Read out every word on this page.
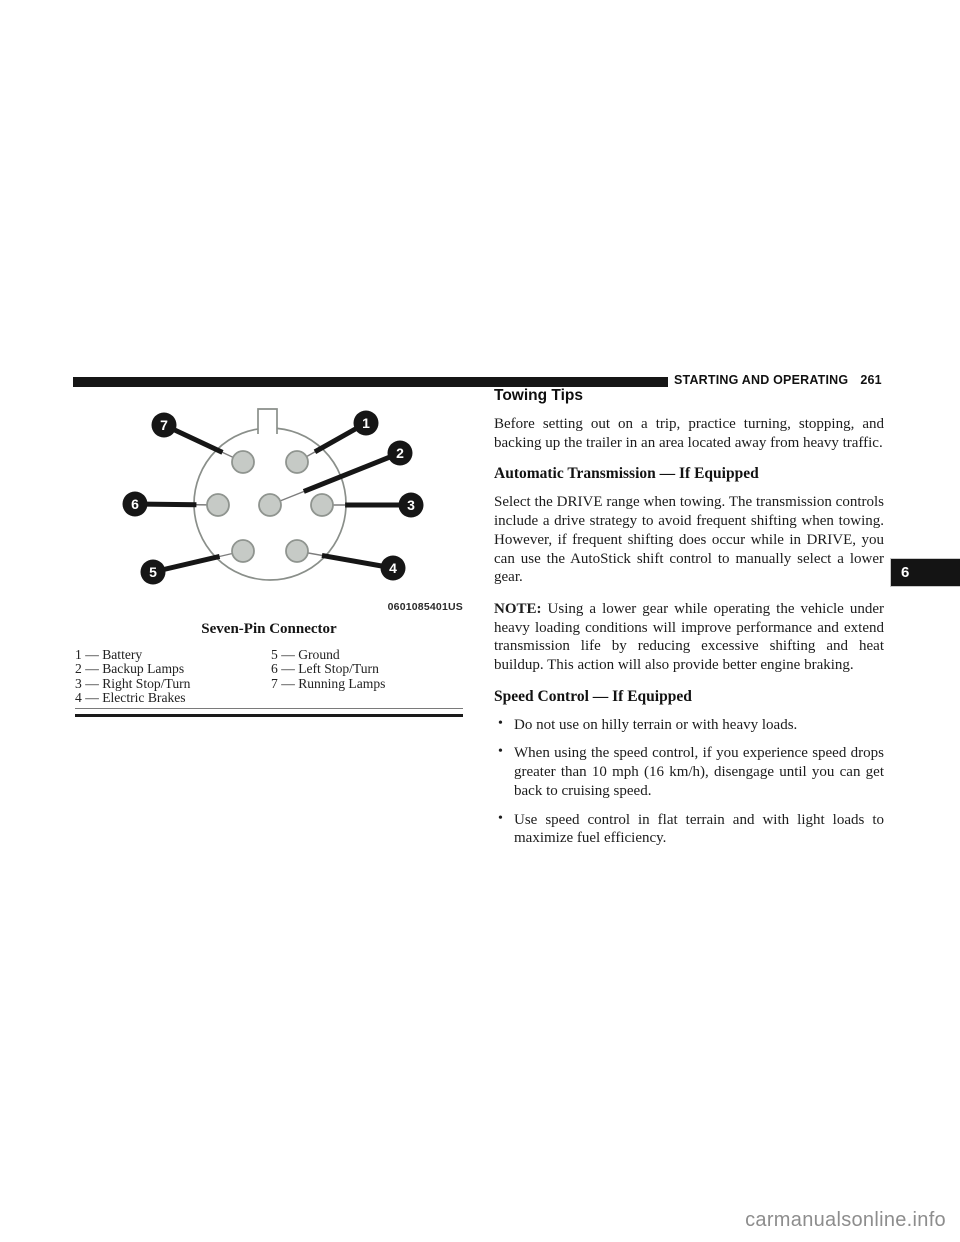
STARTING AND OPERATING 261
1
2
3
4
5
6
7
0601085401US
Seven-Pin Connector
1 — Battery
2 — Backup Lamps
3 — Right Stop/Turn
4 — Electric Brakes
5 — Ground
6 — Left Stop/Turn
7 — Running Lamps
Towing Tips

Before setting out on a trip, practice turning, stopping, and backing up the trailer in an area located away from heavy traffic.

Automatic Transmission — If Equipped

Select the DRIVE range when towing. The transmission controls include a drive strategy to avoid frequent shifting when towing. However, if frequent shifting does occur while in DRIVE, you can use the AutoStick shift control to manually select a lower gear.

NOTE: Using a lower gear while operating the vehicle under heavy loading conditions will improve performance and extend transmission life by reducing excessive shifting and heat buildup. This action will also provide better engine braking.

Speed Control — If Equipped
• Do not use on hilly terrain or with heavy loads.
• When using the speed control, if you experience speed drops greater than 10 mph (16 km/h), disengage until you can get back to cruising speed.
• Use speed control in flat terrain and with light loads to maximize fuel efficiency.
6
carmanualsonline.info
